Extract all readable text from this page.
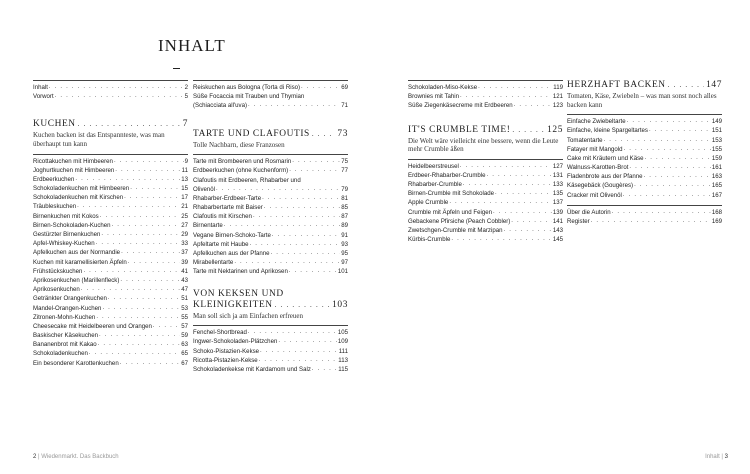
INHALT
Inhalt . . .	2
Vorwort . . .	5
KUCHEN . . .	7
Kuchen backen ist das Entspannteste, was man überhaupt tun kann
Ricottakuchen mit Himbeeren . . .	9
Joghurtkuchen mit Himbeeren . . .	11
Erdbeerkuchen . . .	13
Schokoladenkuchen mit Himbeeren . . .	15
Schokoladenkuchen mit Kirschen . . .	17
Träubleskuchen . . .	21
Birnenkuchen mit Kokos . . .	25
Birnen-Schokoladen-Kuchen . . .	27
Gestürzter Birnenkuchen . . .	29
Apfel-Whiskey-Kuchen . . .	33
Apfelkuchen aus der Normandie . . .	37
Kuchen mit karamellisierten Äpfeln . . .	39
Frühstückskuchen . . .	41
Aprikosenkuchen (Marillenfleck) . . .	43
Aprikosenkuchen . . .	47
Getränkter Orangenkuchen . . .	51
Mandel-Orangen-Kuchen . . .	53
Zitronen-Mohn-Kuchen . . .	55
Cheesecake mit Heidelbeeren und Orangen . . .	57
Baskischer Käsekuchen . . .	59
Bananenbrot mit Kakao . . .	63
Schokoladenkuchen . . .	65
Ein besonderer Karottenkuchen . . .	67
Reiskuchen aus Bologna (Torta di Riso) . . .	69
Süße Focaccia mit Trauben und Thymian
(Schiacciata all'uva) . . .	71
TARTE UND CLAFOUTIS . . .	73
Tolle Nachbarn, diese Franzosen
Tarte mit Brombeeren und Rosmarin . . .	75
Erdbeerkuchen (ohne Kuchenform) . . .	77
Clafoutis mit Erdbeeren, Rhabarber und
Olivenöl . . .	79
Rhabarber-Erdbeer-Tarte . . .	81
Rhabarbertarte mit Baiser . . .	85
Clafoutis mit Kirschen . . .	87
Birnentarte . . .	89
Vegane Birnen-Schoko-Tarte . . .	91
Apfeltarte mit Haube . . .	93
Apfelkuchen aus der Pfanne . . .	95
Mirabellentarte . . .	97
Tarte mit Nektarinen und Aprikosen . . .	101
VON KEKSEN UND
KLEINIGKEITEN . . .	103
Man soll sich ja am Einfachen erfreuen
Fenchel-Shortbread . . .	105
Ingwer-Schokoladen-Plätzchen . . .	109
Schoko-Pistazien-Kekse . . .	111
Ricotta-Pistazien-Kekse . . .	113
Schokoladenkekse mit Kardamom und Salz . . .	115
Schokoladen-Miso-Kekse . . .	119
Brownies mit Tahin . . .	121
Süße Ziegenkäsecreme mit Erdbeeren . . .	123
IT'S CRUMBLE TIME! . . .	125
Die Welt wäre vielleicht eine bessere, wenn die Leute mehr Crumble äßen
Heidelbeerstreusel . . .	127
Erdbeer-Rhabarber-Crumble . . .	131
Rhabarber-Crumble . . .	133
Birnen-Crumble mit Schokolade . . .	135
Apple Crumble . . .	137
Crumble mit Äpfeln und Feigen . . .	139
Gebackene Pfirsiche (Peach Cobbler) . . .	141
Zwetschgen-Crumble mit Marzipan . . .	143
Kürbis-Crumble . . .	145
HERZHAFT BACKEN . . .	147
Tomaten, Käse, Zwiebeln – was man sonst noch alles backen kann
Einfache Zwiebeltarte . . .	149
Einfache, kleine Spargeltartes . . .	151
Tomatentarte . . .	153
Fatayer mit Mangold . . .	155
Cake mit Kräutern und Käse . . .	159
Walnuss-Karotten-Brot . . .	161
Fladenbrote aus der Pfanne . . .	163
Käsegebäck (Gougères) . . .	165
Cracker mit Olivenöl . . .	167
Über die Autorin . . .	168
Register . . .	169
2 | Wiedenmarkt. Das Backbuch	Inhalt | 3
